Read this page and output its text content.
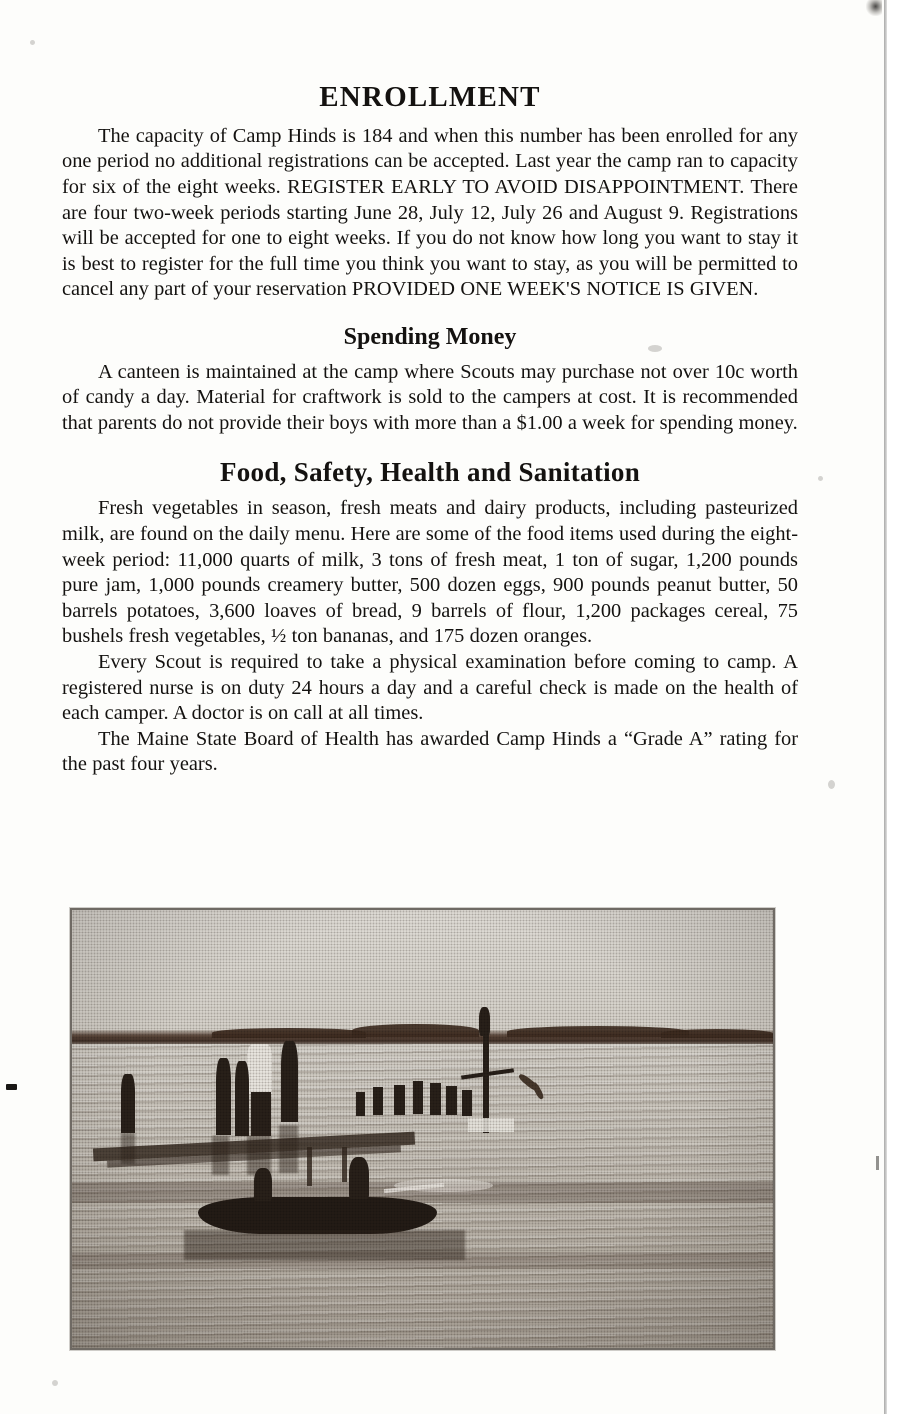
ENROLLMENT

The capacity of Camp Hinds is 184 and when this number has been enrolled for any one period no additional registrations can be accepted. Last year the camp ran to capacity for six of the eight weeks. REGISTER EARLY TO AVOID DISAPPOINTMENT. There are four two-week periods starting June 28, July 12, July 26 and August 9. Registrations will be accepted for one to eight weeks. If you do not know how long you want to stay it is best to register for the full time you think you want to stay, as you will be permitted to cancel any part of your reservation PROVIDED ONE WEEK'S NOTICE IS GIVEN.

Spending Money

A canteen is maintained at the camp where Scouts may purchase not over 10c worth of candy a day. Material for craftwork is sold to the campers at cost. It is recommended that parents do not provide their boys with more than a $1.00 a week for spending money.

Food, Safety, Health and Sanitation

Fresh vegetables in season, fresh meats and dairy products, including pasteurized milk, are found on the daily menu. Here are some of the food items used during the eight-week period: 11,000 quarts of milk, 3 tons of fresh meat, 1 ton of sugar, 1,200 pounds pure jam, 1,000 pounds creamery butter, 500 dozen eggs, 900 pounds peanut butter, 50 barrels potatoes, 3,600 loaves of bread, 9 barrels of flour, 1,200 packages cereal, 75 bushels fresh vegetables, ½ ton bananas, and 175 dozen oranges.

Every Scout is required to take a physical examination before coming to camp. A registered nurse is on duty 24 hours a day and a careful check is made on the health of each camper. A doctor is on call at all times.

The Maine State Board of Health has awarded Camp Hinds a “Grade A” rating for the past four years.
